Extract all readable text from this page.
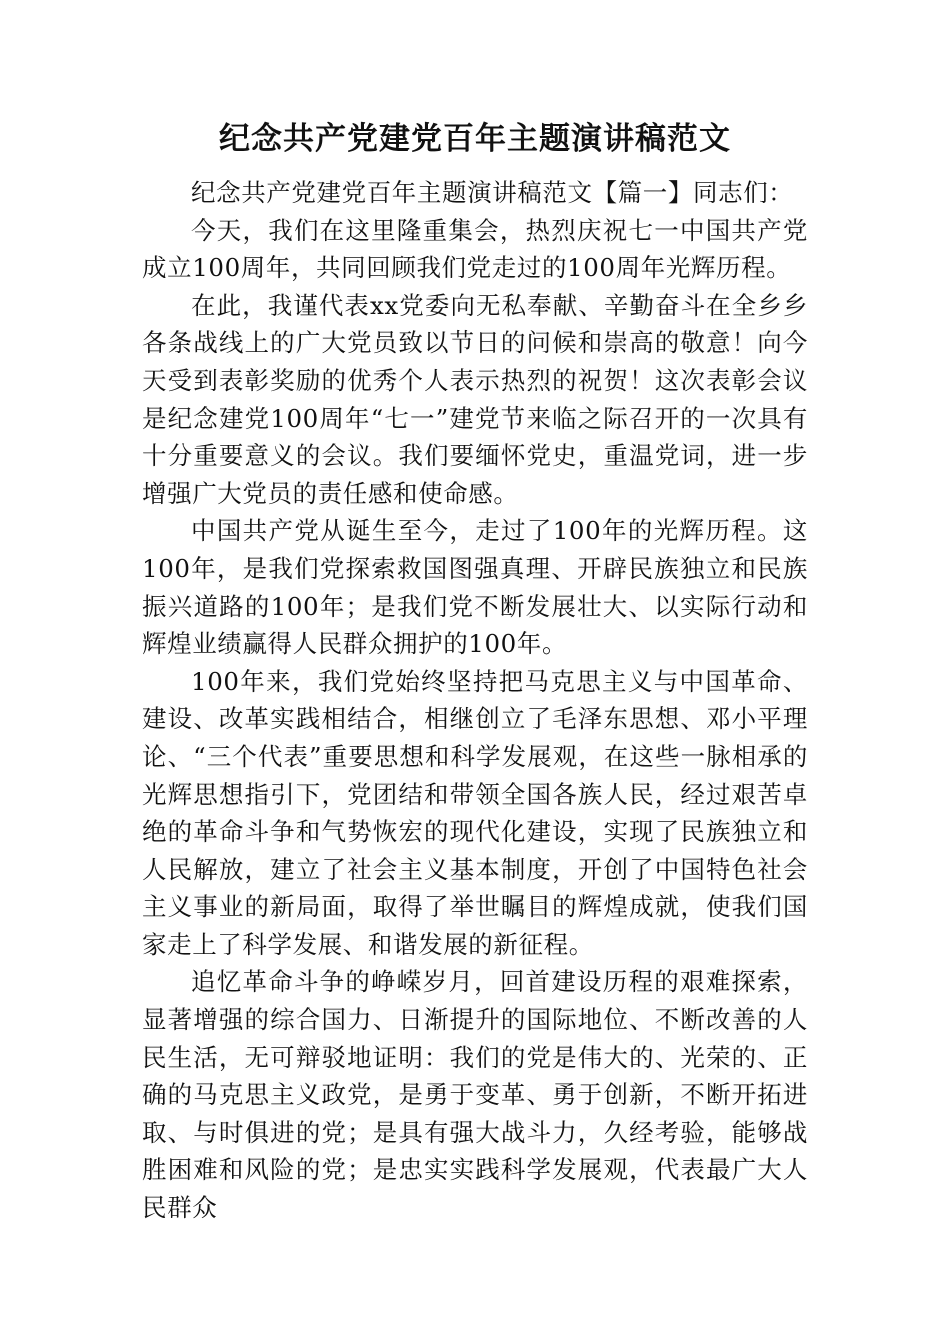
纪念共产党建党百年主题演讲稿范文

纪念共产党建党百年主题演讲稿范文【篇一】同志们：

今天，我们在这里隆重集会，热烈庆祝七一中国共产党成立100周年，共同回顾我们党走过的100周年光辉历程。

在此，我谨代表xx党委向无私奉献、辛勤奋斗在全乡乡各条战线上的广大党员致以节日的问候和崇高的敬意！向今天受到表彰奖励的优秀个人表示热烈的祝贺！这次表彰会议是纪念建党100周年“七一”建党节来临之际召开的一次具有十分重要意义的会议。我们要缅怀党史，重温党词，进一步增强广大党员的责任感和使命感。

中国共产党从诞生至今，走过了100年的光辉历程。这100年，是我们党探索救国图强真理、开辟民族独立和民族振兴道路的100年；是我们党不断发展壮大、以实际行动和辉煌业绩赢得人民群众拥护的100年。

100年来，我们党始终坚持把马克思主义与中国革命、建设、改革实践相结合，相继创立了毛泽东思想、邓小平理论、“三个代表”重要思想和科学发展观，在这些一脉相承的光辉思想指引下，党团结和带领全国各族人民，经过艰苦卓绝的革命斗争和气势恢宏的现代化建设，实现了民族独立和人民解放，建立了社会主义基本制度，开创了中国特色社会主义事业的新局面，取得了举世瞩目的辉煌成就，使我们国家走上了科学发展、和谐发展的新征程。

追忆革命斗争的峥嵘岁月，回首建设历程的艰难探索，显著增强的综合国力、日渐提升的国际地位、不断改善的人民生活，无可辩驳地证明：我们的党是伟大的、光荣的、正确的马克思主义政党，是勇于变革、勇于创新，不断开拓进取、与时俱进的党；是具有强大战斗力，久经考验，能够战胜困难和风险的党；是忠实实践科学发展观，代表最广大人民群众
